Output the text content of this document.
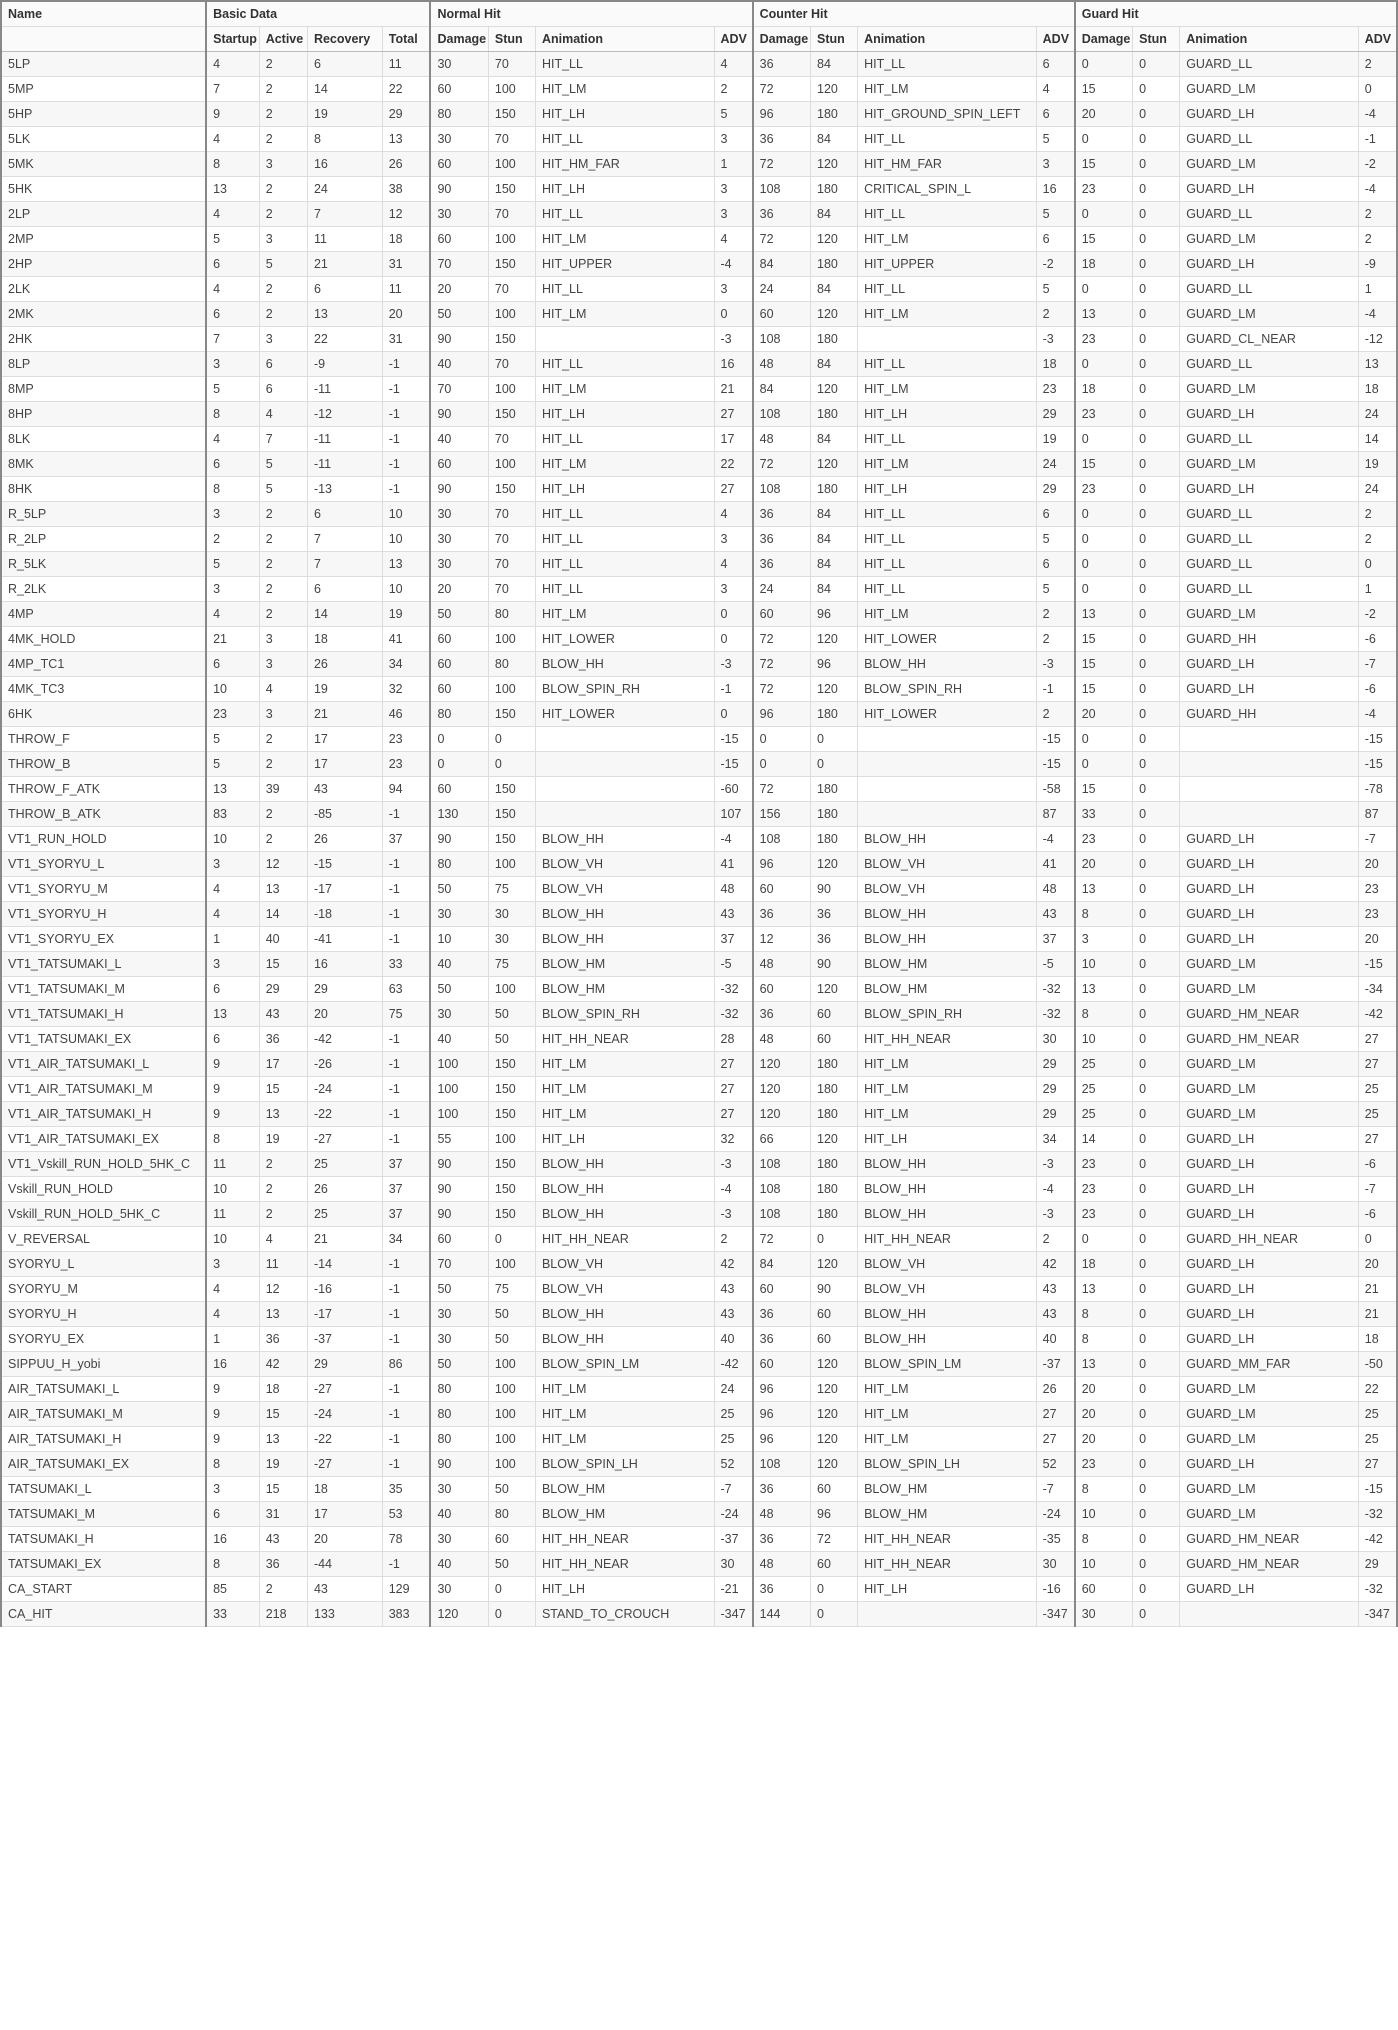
Name	Basic Data				Normal Hit				Counter Hit				Guard Hit			
	Startup	Active	Recovery	Total	Damage	Stun	Animation	ADV	Damage	Stun	Animation	ADV	Damage	Stun	Animation	ADV
5LP	4	2	6	11	30	70	HIT_LL	4	36	84	HIT_LL	6	0	0	GUARD_LL	2
5MP	7	2	14	22	60	100	HIT_LM	2	72	120	HIT_LM	4	15	0	GUARD_LM	0
5HP	9	2	19	29	80	150	HIT_LH	5	96	180	HIT_GROUND_SPIN_LEFT	6	20	0	GUARD_LH	-4
5LK	4	2	8	13	30	70	HIT_LL	3	36	84	HIT_LL	5	0	0	GUARD_LL	-1
5MK	8	3	16	26	60	100	HIT_HM_FAR	1	72	120	HIT_HM_FAR	3	15	0	GUARD_LM	-2
5HK	13	2	24	38	90	150	HIT_LH	3	108	180	CRITICAL_SPIN_L	16	23	0	GUARD_LH	-4
2LP	4	2	7	12	30	70	HIT_LL	3	36	84	HIT_LL	5	0	0	GUARD_LL	2
2MP	5	3	11	18	60	100	HIT_LM	4	72	120	HIT_LM	6	15	0	GUARD_LM	2
2HP	6	5	21	31	70	150	HIT_UPPER	-4	84	180	HIT_UPPER	-2	18	0	GUARD_LH	-9
2LK	4	2	6	11	20	70	HIT_LL	3	24	84	HIT_LL	5	0	0	GUARD_LL	1
2MK	6	2	13	20	50	100	HIT_LM	0	60	120	HIT_LM	2	13	0	GUARD_LM	-4
2HK	7	3	22	31	90	150		-3	108	180		-3	23	0	GUARD_CL_NEAR	-12
8LP	3	6	-9	-1	40	70	HIT_LL	16	48	84	HIT_LL	18	0	0	GUARD_LL	13
8MP	5	6	-11	-1	70	100	HIT_LM	21	84	120	HIT_LM	23	18	0	GUARD_LM	18
8HP	8	4	-12	-1	90	150	HIT_LH	27	108	180	HIT_LH	29	23	0	GUARD_LH	24
8LK	4	7	-11	-1	40	70	HIT_LL	17	48	84	HIT_LL	19	0	0	GUARD_LL	14
8MK	6	5	-11	-1	60	100	HIT_LM	22	72	120	HIT_LM	24	15	0	GUARD_LM	19
8HK	8	5	-13	-1	90	150	HIT_LH	27	108	180	HIT_LH	29	23	0	GUARD_LH	24
R_5LP	3	2	6	10	30	70	HIT_LL	4	36	84	HIT_LL	6	0	0	GUARD_LL	2
R_2LP	2	2	7	10	30	70	HIT_LL	3	36	84	HIT_LL	5	0	0	GUARD_LL	2
R_5LK	5	2	7	13	30	70	HIT_LL	4	36	84	HIT_LL	6	0	0	GUARD_LL	0
R_2LK	3	2	6	10	20	70	HIT_LL	3	24	84	HIT_LL	5	0	0	GUARD_LL	1
4MP	4	2	14	19	50	80	HIT_LM	0	60	96	HIT_LM	2	13	0	GUARD_LM	-2
4MK_HOLD	21	3	18	41	60	100	HIT_LOWER	0	72	120	HIT_LOWER	2	15	0	GUARD_HH	-6
4MP_TC1	6	3	26	34	60	80	BLOW_HH	-3	72	96	BLOW_HH	-3	15	0	GUARD_LH	-7
4MK_TC3	10	4	19	32	60	100	BLOW_SPIN_RH	-1	72	120	BLOW_SPIN_RH	-1	15	0	GUARD_LH	-6
6HK	23	3	21	46	80	150	HIT_LOWER	0	96	180	HIT_LOWER	2	20	0	GUARD_HH	-4
THROW_F	5	2	17	23	0	0		-15	0	0		-15	0	0		-15
THROW_B	5	2	17	23	0	0		-15	0	0		-15	0	0		-15
THROW_F_ATK	13	39	43	94	60	150		-60	72	180		-58	15	0		-78
THROW_B_ATK	83	2	-85	-1	130	150		107	156	180		87	33	0		87
VT1_RUN_HOLD	10	2	26	37	90	150	BLOW_HH	-4	108	180	BLOW_HH	-4	23	0	GUARD_LH	-7
VT1_SYORYU_L	3	12	-15	-1	80	100	BLOW_VH	41	96	120	BLOW_VH	41	20	0	GUARD_LH	20
VT1_SYORYU_M	4	13	-17	-1	50	75	BLOW_VH	48	60	90	BLOW_VH	48	13	0	GUARD_LH	23
VT1_SYORYU_H	4	14	-18	-1	30	30	BLOW_HH	43	36	36	BLOW_HH	43	8	0	GUARD_LH	23
VT1_SYORYU_EX	1	40	-41	-1	10	30	BLOW_HH	37	12	36	BLOW_HH	37	3	0	GUARD_LH	20
VT1_TATSUMAKI_L	3	15	16	33	40	75	BLOW_HM	-5	48	90	BLOW_HM	-5	10	0	GUARD_LM	-15
VT1_TATSUMAKI_M	6	29	29	63	50	100	BLOW_HM	-32	60	120	BLOW_HM	-32	13	0	GUARD_LM	-34
VT1_TATSUMAKI_H	13	43	20	75	30	50	BLOW_SPIN_RH	-32	36	60	BLOW_SPIN_RH	-32	8	0	GUARD_HM_NEAR	-42
VT1_TATSUMAKI_EX	6	36	-42	-1	40	50	HIT_HH_NEAR	28	48	60	HIT_HH_NEAR	30	10	0	GUARD_HM_NEAR	27
VT1_AIR_TATSUMAKI_L	9	17	-26	-1	100	150	HIT_LM	27	120	180	HIT_LM	29	25	0	GUARD_LM	27
VT1_AIR_TATSUMAKI_M	9	15	-24	-1	100	150	HIT_LM	27	120	180	HIT_LM	29	25	0	GUARD_LM	25
VT1_AIR_TATSUMAKI_H	9	13	-22	-1	100	150	HIT_LM	27	120	180	HIT_LM	29	25	0	GUARD_LM	25
VT1_AIR_TATSUMAKI_EX	8	19	-27	-1	55	100	HIT_LH	32	66	120	HIT_LH	34	14	0	GUARD_LH	27
VT1_Vskill_RUN_HOLD_5HK_C	11	2	25	37	90	150	BLOW_HH	-3	108	180	BLOW_HH	-3	23	0	GUARD_LH	-6
Vskill_RUN_HOLD	10	2	26	37	90	150	BLOW_HH	-4	108	180	BLOW_HH	-4	23	0	GUARD_LH	-7
Vskill_RUN_HOLD_5HK_C	11	2	25	37	90	150	BLOW_HH	-3	108	180	BLOW_HH	-3	23	0	GUARD_LH	-6
V_REVERSAL	10	4	21	34	60	0	HIT_HH_NEAR	2	72	0	HIT_HH_NEAR	2	0	0	GUARD_HH_NEAR	0
SYORYU_L	3	11	-14	-1	70	100	BLOW_VH	42	84	120	BLOW_VH	42	18	0	GUARD_LH	20
SYORYU_M	4	12	-16	-1	50	75	BLOW_VH	43	60	90	BLOW_VH	43	13	0	GUARD_LH	21
SYORYU_H	4	13	-17	-1	30	50	BLOW_HH	43	36	60	BLOW_HH	43	8	0	GUARD_LH	21
SYORYU_EX	1	36	-37	-1	30	50	BLOW_HH	40	36	60	BLOW_HH	40	8	0	GUARD_LH	18
SIPPUU_H_yobi	16	42	29	86	50	100	BLOW_SPIN_LM	-42	60	120	BLOW_SPIN_LM	-37	13	0	GUARD_MM_FAR	-50
AIR_TATSUMAKI_L	9	18	-27	-1	80	100	HIT_LM	24	96	120	HIT_LM	26	20	0	GUARD_LM	22
AIR_TATSUMAKI_M	9	15	-24	-1	80	100	HIT_LM	25	96	120	HIT_LM	27	20	0	GUARD_LM	25
AIR_TATSUMAKI_H	9	13	-22	-1	80	100	HIT_LM	25	96	120	HIT_LM	27	20	0	GUARD_LM	25
AIR_TATSUMAKI_EX	8	19	-27	-1	90	100	BLOW_SPIN_LH	52	108	120	BLOW_SPIN_LH	52	23	0	GUARD_LH	27
TATSUMAKI_L	3	15	18	35	30	50	BLOW_HM	-7	36	60	BLOW_HM	-7	8	0	GUARD_LM	-15
TATSUMAKI_M	6	31	17	53	40	80	BLOW_HM	-24	48	96	BLOW_HM	-24	10	0	GUARD_LM	-32
TATSUMAKI_H	16	43	20	78	30	60	HIT_HH_NEAR	-37	36	72	HIT_HH_NEAR	-35	8	0	GUARD_HM_NEAR	-42
TATSUMAKI_EX	8	36	-44	-1	40	50	HIT_HH_NEAR	30	48	60	HIT_HH_NEAR	30	10	0	GUARD_HM_NEAR	29
CA_START	85	2	43	129	30	0	HIT_LH	-21	36	0	HIT_LH	-16	60	0	GUARD_LH	-32
CA_HIT	33	218	133	383	120	0	STAND_TO_CROUCH	-347	144	0		-347	30	0		-347
